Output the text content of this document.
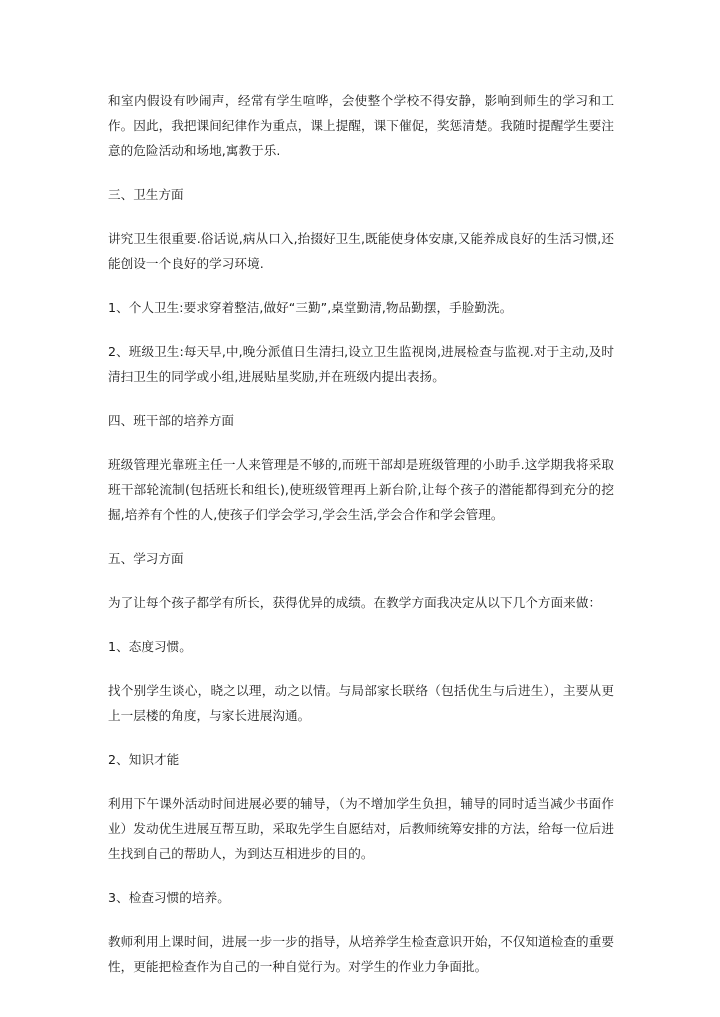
和室内假设有吵闹声，经常有学生喧哗，会使整个学校不得安静，影响到师生的学习和工作。因此，我把课间纪律作为重点，课上提醒，课下催促，奖惩清楚。我随时提醒学生要注意的危险活动和场地,寓教于乐.

三、卫生方面

讲究卫生很重要.俗话说,病从口入,抬掇好卫生,既能使身体安康,又能养成良好的生活习惯,还能创设一个良好的学习环境.

1、个人卫生:要求穿着整洁,做好“三勤”,桌堂勤清,物品勤摆，手脸勤洗。

2、班级卫生:每天早,中,晚分派值日生清扫,设立卫生监视岗,进展检查与监视.对于主动,及时清扫卫生的同学或小组,进展贴星奖励,并在班级内提出表扬。

四、班干部的培养方面

班级管理光靠班主任一人来管理是不够的,而班干部却是班级管理的小助手.这学期我将采取班干部轮流制(包括班长和组长),使班级管理再上新台阶,让每个孩子的潜能都得到充分的挖掘,培养有个性的人,使孩子们学会学习,学会生活,学会合作和学会管理。

五、学习方面

为了让每个孩子都学有所长，获得优异的成绩。在教学方面我决定从以下几个方面来做：

1、态度习惯。

找个别学生谈心，晓之以理，动之以情。与局部家长联络（包括优生与后进生），主要从更上一层楼的角度，与家长进展沟通。

2、知识才能

利用下午课外活动时间进展必要的辅导，（为不增加学生负担，辅导的同时适当减少书面作业）发动优生进展互帮互助，采取先学生自愿结对，后教师统筹安排的方法，给每一位后进生找到自己的帮助人，为到达互相进步的目的。

3、检查习惯的培养。

教师利用上课时间，进展一步一步的指导，从培养学生检查意识开始，不仅知道检查的重要性，更能把检查作为自己的一种自觉行为。对学生的作业力争面批。
